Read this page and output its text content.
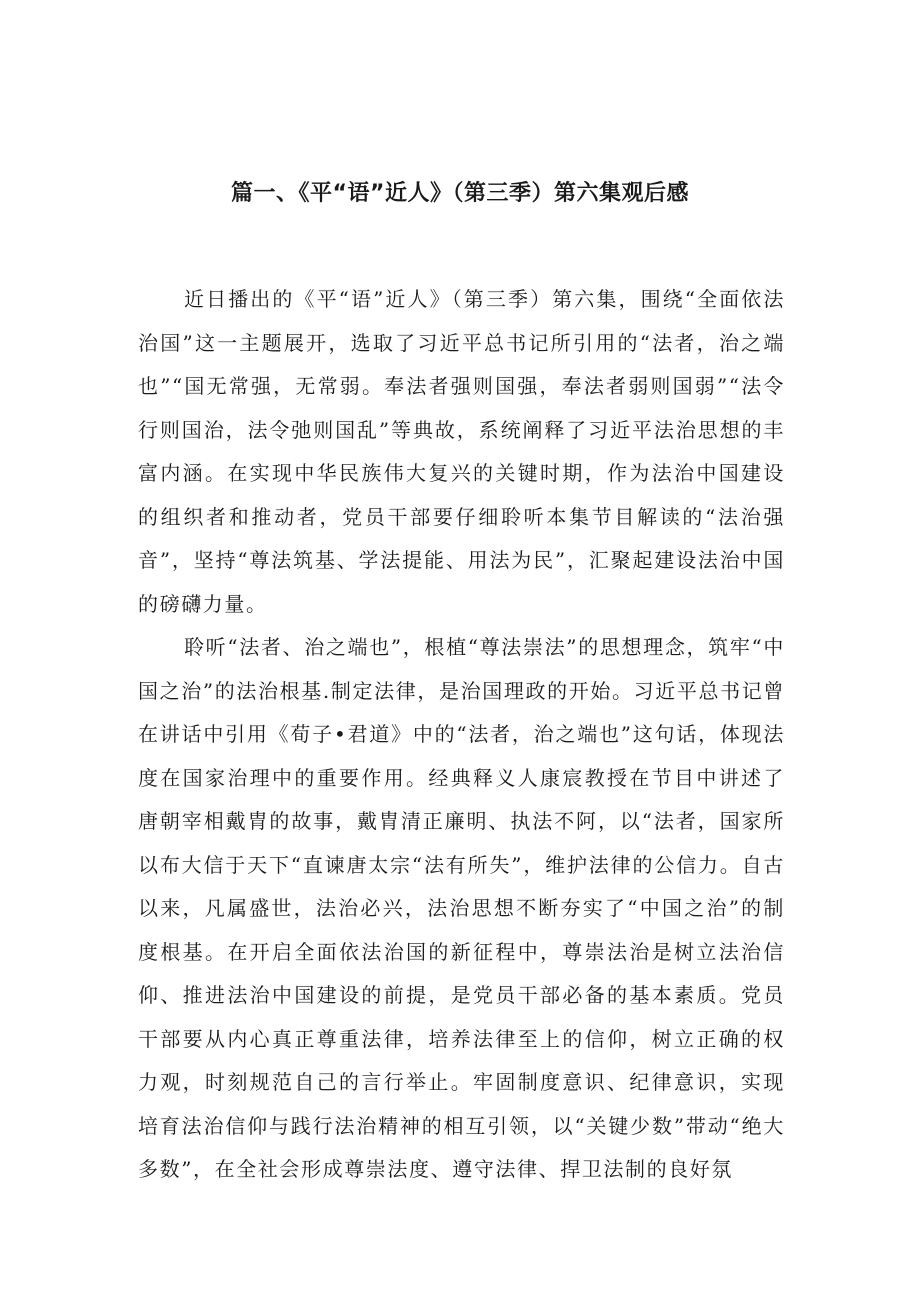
篇一、《平“语”近人》（第三季）第六集观后感

近日播出的《平“语”近人》（第三季）第六集，围绕“全面依法治国”这一主题展开，选取了习近平总书记所引用的“法者，治之端也”“国无常强，无常弱。奉法者强则国强，奉法者弱则国弱”“法令行则国治，法令弛则国乱”等典故，系统阐释了习近平法治思想的丰富内涵。在实现中华民族伟大复兴的关键时期，作为法治中国建设的组织者和推动者，党员干部要仔细聆听本集节目解读的“法治强音”，坚持“尊法筑基、学法提能、用法为民”，汇聚起建设法治中国的磅礴力量。

聆听“法者、治之端也”，根植“尊法崇法”的思想理念，筑牢“中国之治”的法治根基.制定法律，是治国理政的开始。习近平总书记曾在讲话中引用《荀子•君道》中的“法者，治之端也”这句话，体现法度在国家治理中的重要作用。经典释义人康宸教授在节目中讲述了唐朝宰相戴胄的故事，戴胄清正廉明、执法不阿，以“法者，国家所以布大信于天下“直谏唐太宗“法有所失”，维护法律的公信力。自古以来，凡属盛世，法治必兴，法治思想不断夯实了“中国之治”的制度根基。在开启全面依法治国的新征程中，尊崇法治是树立法治信仰、推进法治中国建设的前提，是党员干部必备的基本素质。党员干部要从内心真正尊重法律，培养法律至上的信仰，树立正确的权力观，时刻规范自己的言行举止。牢固制度意识、纪律意识，实现培育法治信仰与践行法治精神的相互引领，以“关键少数”带动“绝大多数”，在全社会形成尊崇法度、遵守法律、捍卫法制的良好氛
